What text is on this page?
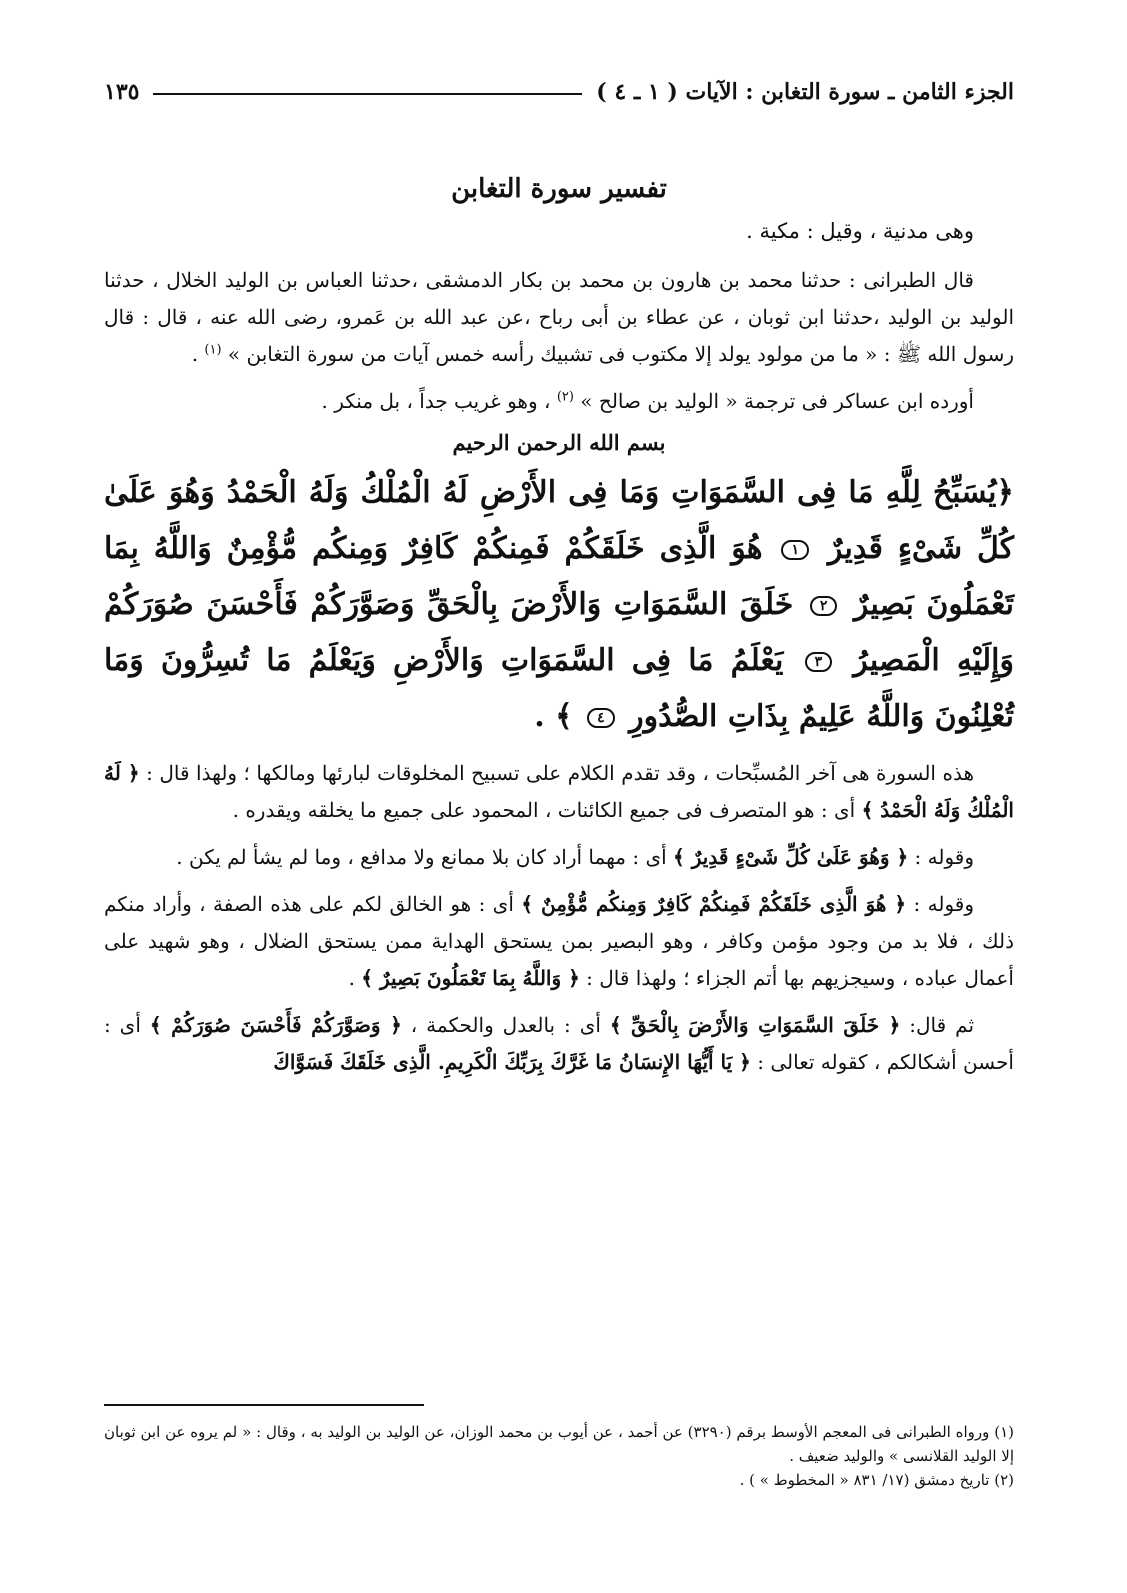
الجزء الثامن ـ سورة التغابن : الآيات ( ١ ـ ٤ )
١٣٥
تفسير سورة التغابن

وهى مدنية ، وقيل : مكية .

قال الطبرانى : حدثنا محمد بن هارون بن محمد بن بكار الدمشقى ،حدثنا العباس بن الوليد الخلال ، حدثنا الوليد بن الوليد ،حدثنا ابن ثوبان ، عن عطاء بن أبى رباح ،عن عبد الله بن عَمرو، رضى الله عنه ، قال : قال رسول الله ﷺ : « ما من مولود يولد إلا مكتوب فى تشبيك رأسه خمس آيات من سورة التغابن » $^{(١)}$ .

أورده ابن عساكر فى ترجمة « الوليد بن صالح » $^{(٢)}$ ، وهو غريب جداً ، بل منكر .

بسم الله الرحمن الرحيم

﴿يُسَبِّحُ لِلَّهِ مَا فِى السَّمَوَاتِ وَمَا فِى الأَرْضِ لَهُ الْمُلْكُ وَلَهُ الْحَمْدُ وَهُوَ عَلَىٰ كُلِّ شَىْءٍ قَدِيرٌ ١ هُوَ الَّذِى خَلَقَكُمْ فَمِنكُمْ كَافِرٌ وَمِنكُم مُّؤْمِنٌ وَاللَّهُ بِمَا تَعْمَلُونَ بَصِيرٌ ٢ خَلَقَ السَّمَوَاتِ وَالأَرْضَ بِالْحَقِّ وَصَوَّرَكُمْ فَأَحْسَنَ صُوَرَكُمْ وَإِلَيْهِ الْمَصِيرُ ٣ يَعْلَمُ مَا فِى السَّمَوَاتِ وَالأَرْضِ وَيَعْلَمُ مَا تُسِرُّونَ وَمَا تُعْلِنُونَ وَاللَّهُ عَلِيمٌ بِذَاتِ الصُّدُورِ ٤ ﴾ .

هذه السورة هى آخر المُسبِّحات ، وقد تقدم الكلام على تسبيح المخلوقات لبارئها ومالكها ؛ ولهذا قال : ﴿ لَهُ الْمُلْكُ وَلَهُ الْحَمْدُ ﴾ أى : هو المتصرف فى جميع الكائنات ، المحمود على جميع ما يخلقه ويقدره .

وقوله : ﴿ وَهُوَ عَلَىٰ كُلِّ شَىْءٍ قَدِيرٌ ﴾ أى : مهما أراد كان بلا ممانع ولا مدافع ، وما لم يشأ لم يكن .

وقوله : ﴿ هُوَ الَّذِى خَلَقَكُمْ فَمِنكُمْ كَافِرٌ وَمِنكُم مُّؤْمِنٌ ﴾ أى : هو الخالق لكم على هذه الصفة ، وأراد منكم ذلك ، فلا بد من وجود مؤمن وكافر ، وهو البصير بمن يستحق الهداية ممن يستحق الضلال ، وهو شهيد على أعمال عباده ، وسيجزيهم بها أتم الجزاء ؛ ولهذا قال : ﴿ وَاللَّهُ بِمَا تَعْمَلُونَ بَصِيرٌ ﴾ .

ثم قال: ﴿ خَلَقَ السَّمَوَاتِ وَالأَرْضَ بِالْحَقِّ ﴾ أى : بالعدل والحكمة ، ﴿ وَصَوَّرَكُمْ فَأَحْسَنَ صُوَرَكُمْ ﴾ أى : أحسن أشكالكم ، كقوله تعالى : ﴿ يَا أَيُّهَا الإِنسَانُ مَا غَرَّكَ بِرَبِّكَ الْكَرِيمِ. الَّذِى خَلَقَكَ فَسَوَّاكَ

(١) ورواه الطبرانى فى المعجم الأوسط برقم (٣٢٩٠) عن أحمد ، عن أيوب بن محمد الوزان، عن الوليد بن الوليد به ، وقال : « لم يروه عن ابن ثوبان إلا الوليد القلانسى » والوليد ضعيف .

(٢) تاريخ دمشق (١٧/ ٨٣١ « المخطوط » ) .
